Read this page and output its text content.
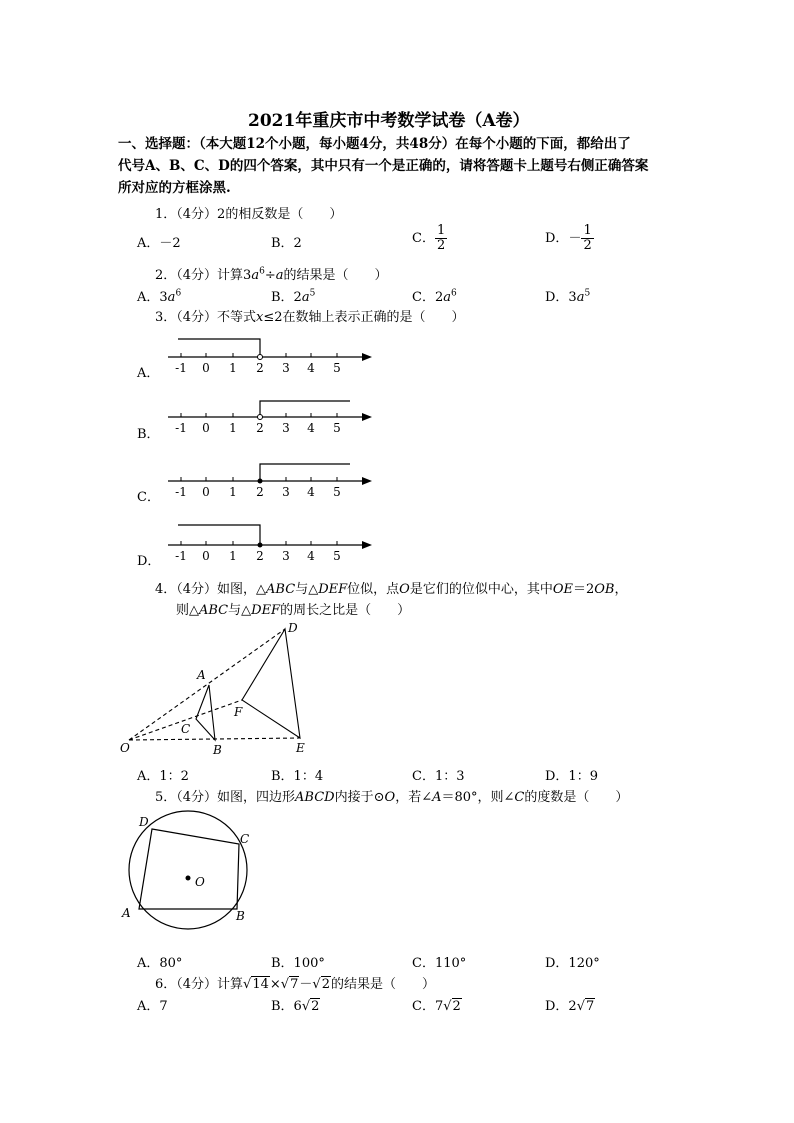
2021年重庆市中考数学试卷（A卷）
一、选择题：（本大题12个小题，每小题4分，共48分）在每个小题的下面，都给出了
代号A、B、C、D的四个答案，其中只有一个是正确的，请将答题卡上题号右侧正确答案
所对应的方框涂黑.
1．（4分）2的相反数是（　　）
A．－2	B．2	C． $\frac{1}{2}$	D．－ $\frac{1}{2}$
2．（4分）计算$3a^6\div a$的结果是（　　）
A．$3a^6$	B．$2a^5$	C．$2a^6$	D．$3a^5$
3．（4分）不等式x≤2在数轴上表示正确的是（　　）
A．
B．
C．
D．
-1 0 1 2 3 4 5
-1 0 1 2 3 4 5
-1 0 1 2 3 4 5
-1 0 1 2 3 4 5
4．（4分）如图，△ABC与△DEF位似，点O是它们的位似中心，其中OE＝2OB，
则△ABC与△DEF的周长之比是（　　）
O
A
B
C
D
E
F
A．1：2	B．1：4	C．1：3	D．1：9
5．（4分）如图，四边形ABCD内接于⊙O，若∠A＝80°，则∠C的度数是（　　）
D
C
B
A
O
A．80°	B．100°	C．110°	D．120°
6．（4分）计算√14×√7－√2的结果是（　　）
A．7	B．6√2	C．7√2	D．2√7
